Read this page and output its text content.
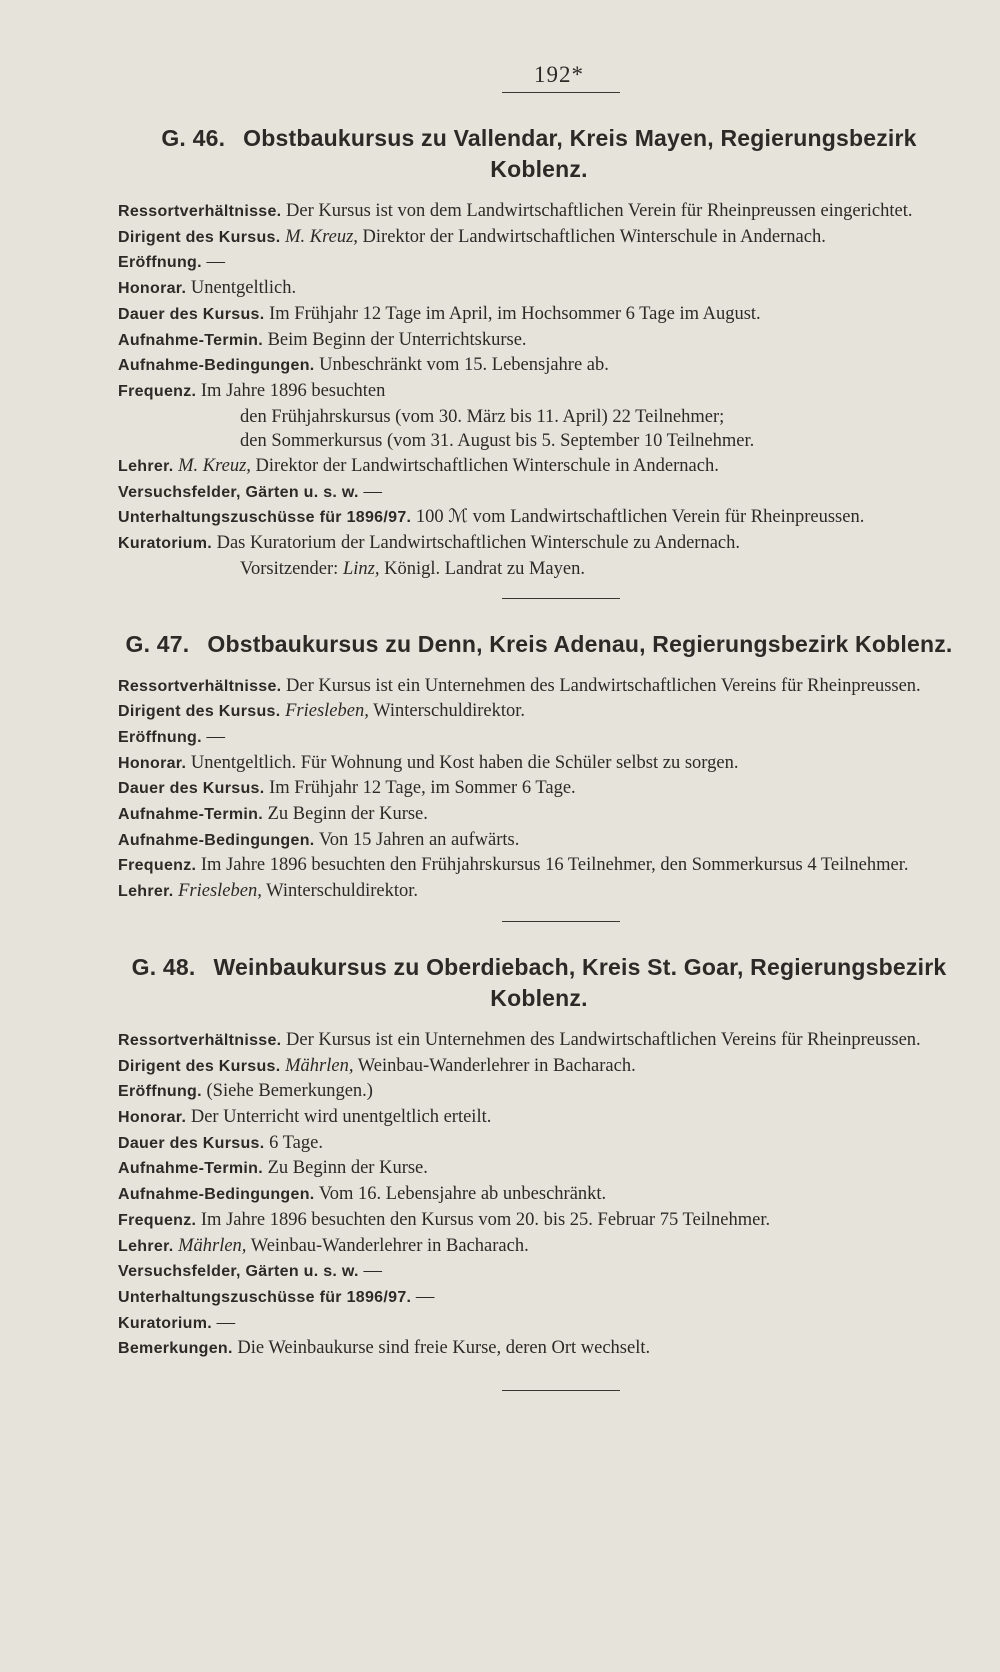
192*
G. 46. Obstbaukursus zu Vallendar, Kreis Mayen, Regierungsbezirk Koblenz.
Ressortverhältnisse. Der Kursus ist von dem Landwirtschaftlichen Verein für Rheinpreussen eingerichtet.
Dirigent des Kursus. M. Kreuz, Direktor der Landwirtschaftlichen Winterschule in Andernach.
Eröffnung. —
Honorar. Unentgeltlich.
Dauer des Kursus. Im Frühjahr 12 Tage im April, im Hochsommer 6 Tage im August.
Aufnahme-Termin. Beim Beginn der Unterrichtskurse.
Aufnahme-Bedingungen. Unbeschränkt vom 15. Lebensjahre ab.
Frequenz. Im Jahre 1896 besuchten
den Frühjahrskursus (vom 30. März bis 11. April) 22 Teilnehmer;
den Sommerkursus (vom 31. August bis 5. September 10 Teilnehmer.
Lehrer. M. Kreuz, Direktor der Landwirtschaftlichen Winterschule in Andernach.
Versuchsfelder, Gärten u. s. w. —
Unterhaltungszuschüsse für 1896/97. 100 ℳ vom Landwirtschaftlichen Verein für Rheinpreussen.
Kuratorium. Das Kuratorium der Landwirtschaftlichen Winterschule zu Andernach.
Vorsitzender: Linz, Königl. Landrat zu Mayen.
G. 47. Obstbaukursus zu Denn, Kreis Adenau, Regierungsbezirk Koblenz.
Ressortverhältnisse. Der Kursus ist ein Unternehmen des Landwirtschaftlichen Vereins für Rheinpreussen.
Dirigent des Kursus. Friesleben, Winterschuldirektor.
Eröffnung. —
Honorar. Unentgeltlich. Für Wohnung und Kost haben die Schüler selbst zu sorgen.
Dauer des Kursus. Im Frühjahr 12 Tage, im Sommer 6 Tage.
Aufnahme-Termin. Zu Beginn der Kurse.
Aufnahme-Bedingungen. Von 15 Jahren an aufwärts.
Frequenz. Im Jahre 1896 besuchten den Frühjahrskursus 16 Teilnehmer, den Sommerkursus 4 Teilnehmer.
Lehrer. Friesleben, Winterschuldirektor.
G. 48. Weinbaukursus zu Oberdiebach, Kreis St. Goar, Regierungsbezirk Koblenz.
Ressortverhältnisse. Der Kursus ist ein Unternehmen des Landwirtschaftlichen Vereins für Rheinpreussen.
Dirigent des Kursus. Mährlen, Weinbau-Wanderlehrer in Bacharach.
Eröffnung. (Siehe Bemerkungen.)
Honorar. Der Unterricht wird unentgeltlich erteilt.
Dauer des Kursus. 6 Tage.
Aufnahme-Termin. Zu Beginn der Kurse.
Aufnahme-Bedingungen. Vom 16. Lebensjahre ab unbeschränkt.
Frequenz. Im Jahre 1896 besuchten den Kursus vom 20. bis 25. Februar 75 Teilnehmer.
Lehrer. Mährlen, Weinbau-Wanderlehrer in Bacharach.
Versuchsfelder, Gärten u. s. w. —
Unterhaltungszuschüsse für 1896/97. —
Kuratorium. —
Bemerkungen. Die Weinbaukurse sind freie Kurse, deren Ort wechselt.
